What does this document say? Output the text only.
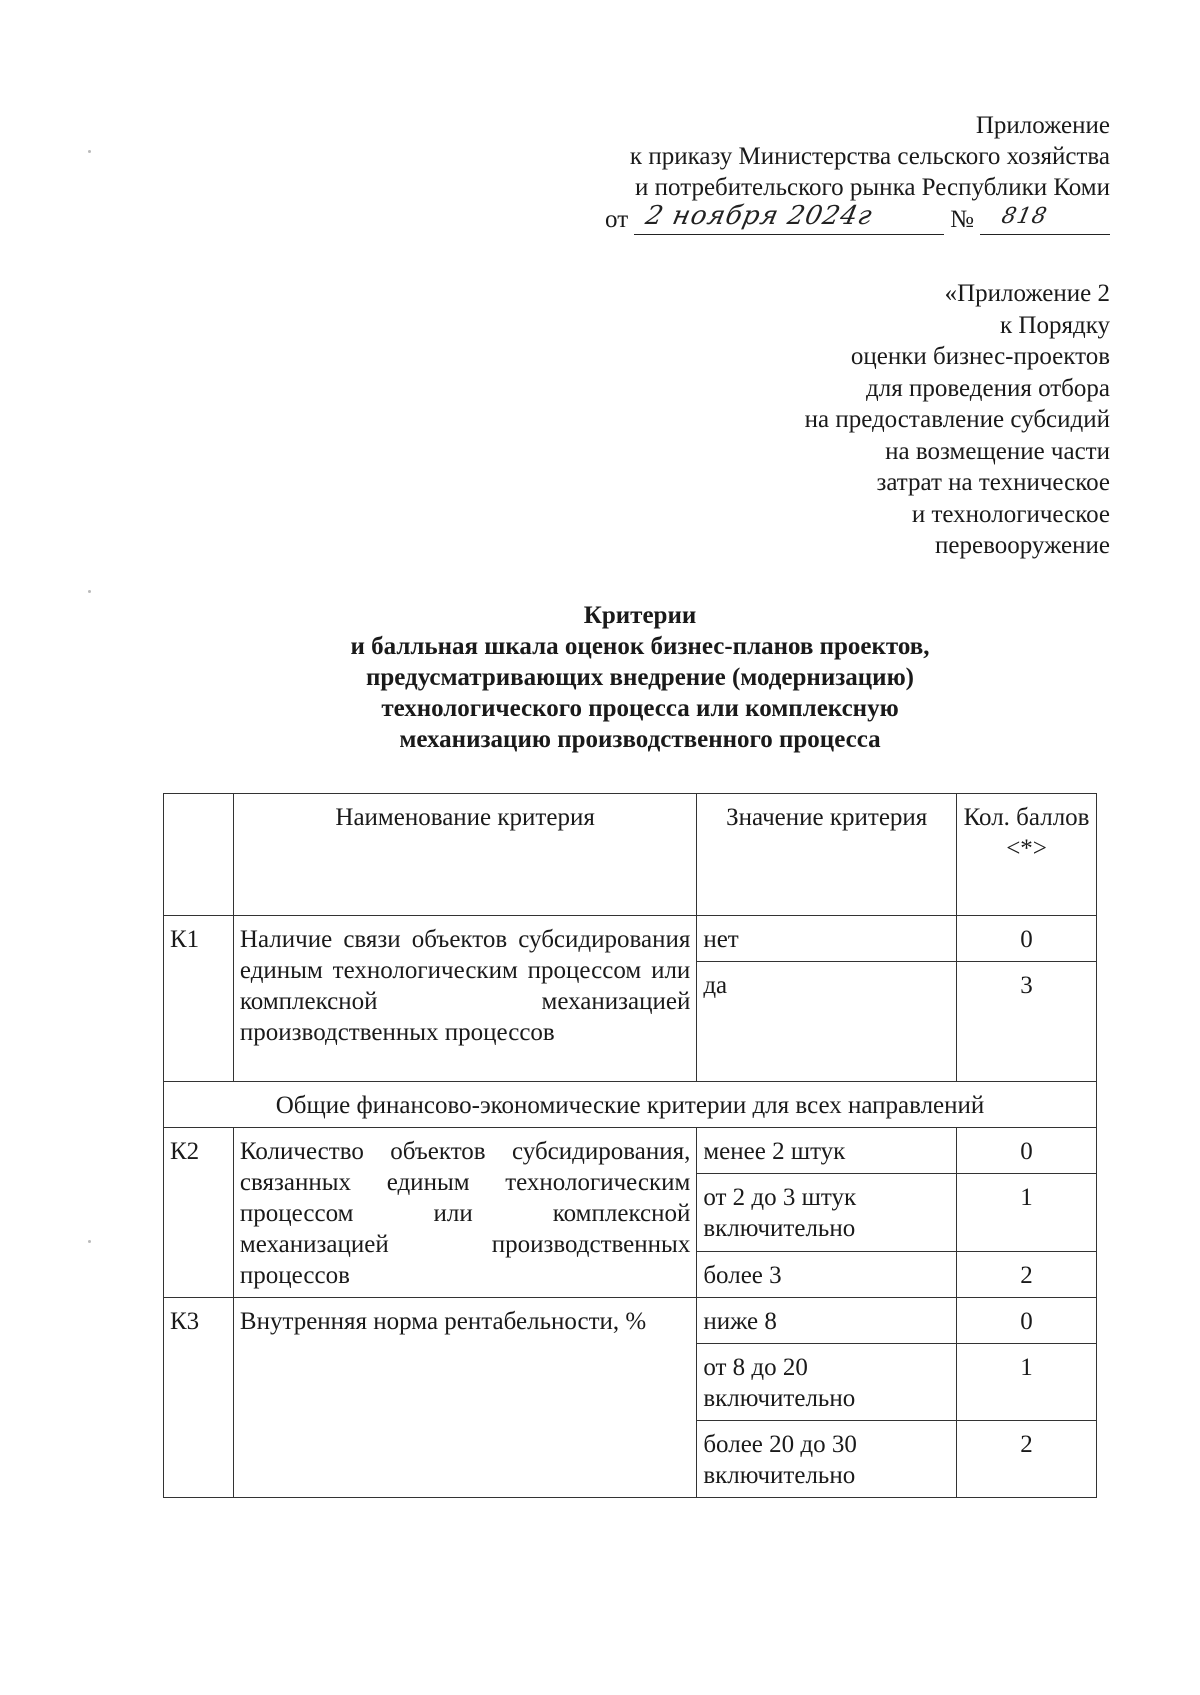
Приложение
к приказу Министерства сельского хозяйства
и потребительского рынка Республики Коми
от 2 ноября 2024г	№ 818
«Приложение 2
к Порядку
оценки бизнес-проектов
для проведения отбора
на предоставление субсидий
на возмещение части
затрат на техническое
и технологическое
перевооружение
Критерии
и балльная шкала оценок бизнес-планов проектов,
предусматривающих внедрение (модернизацию)
технологического процесса или комплексную
механизацию производственного процесса
	Наименование критерия	Значение критерия	Кол. баллов <*>
К1	Наличие связи объектов субсидирования единым технологическим процессом или комплексной механизацией производственных процессов	нет	0
		да	3
Общие финансово-экономические критерии для всех направлений			
К2	Количество объектов субсидирования, связанных единым технологическим процессом или комплексной механизацией производственных процессов	менее 2 штук	0
		от 2 до 3 штук включительно	1
		более 3	2
К3	Внутренняя норма рентабельности, %	ниже 8	0
		от 8 до 20 включительно	1
		более 20 до 30 включительно	2
